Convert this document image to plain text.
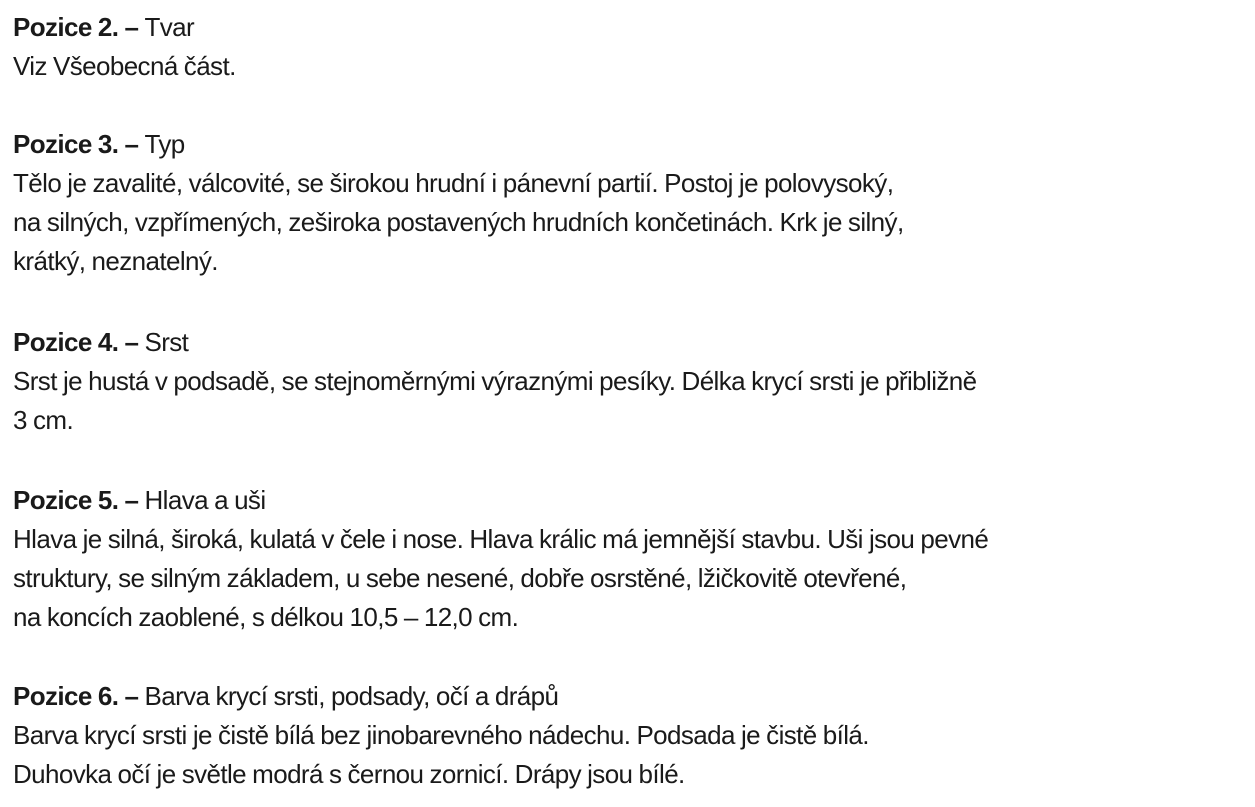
Pozice 2. – Tvar
Viz Všeobecná část.
Pozice 3. – Typ
Tělo je zavalité, válcovité, se širokou hrudní i pánevní partií. Postoj je polovysoký,
na silných, vzpřímených, zeširoka postavených hrudních končetinách. Krk je silný,
krátký, neznatelný.
Pozice 4. – Srst
Srst je hustá v podsadě, se stejnoměrnými výraznými pesíky. Délka krycí srsti je přibližně
3 cm.
Pozice 5. – Hlava a uši
Hlava je silná, široká, kulatá v čele i nose. Hlava králic má jemnější stavbu. Uši jsou pevné
struktury, se silným základem, u sebe nesené, dobře osrstěné, lžičkovitě otevřené,
na koncích zaoblené, s délkou 10,5 – 12,0 cm.
Pozice 6. – Barva krycí srsti, podsady, očí a drápů
Barva krycí srsti je čistě bílá bez jinobarevného nádechu. Podsada je čistě bílá.
Duhovka očí je světle modrá s černou zornicí. Drápy jsou bílé.
